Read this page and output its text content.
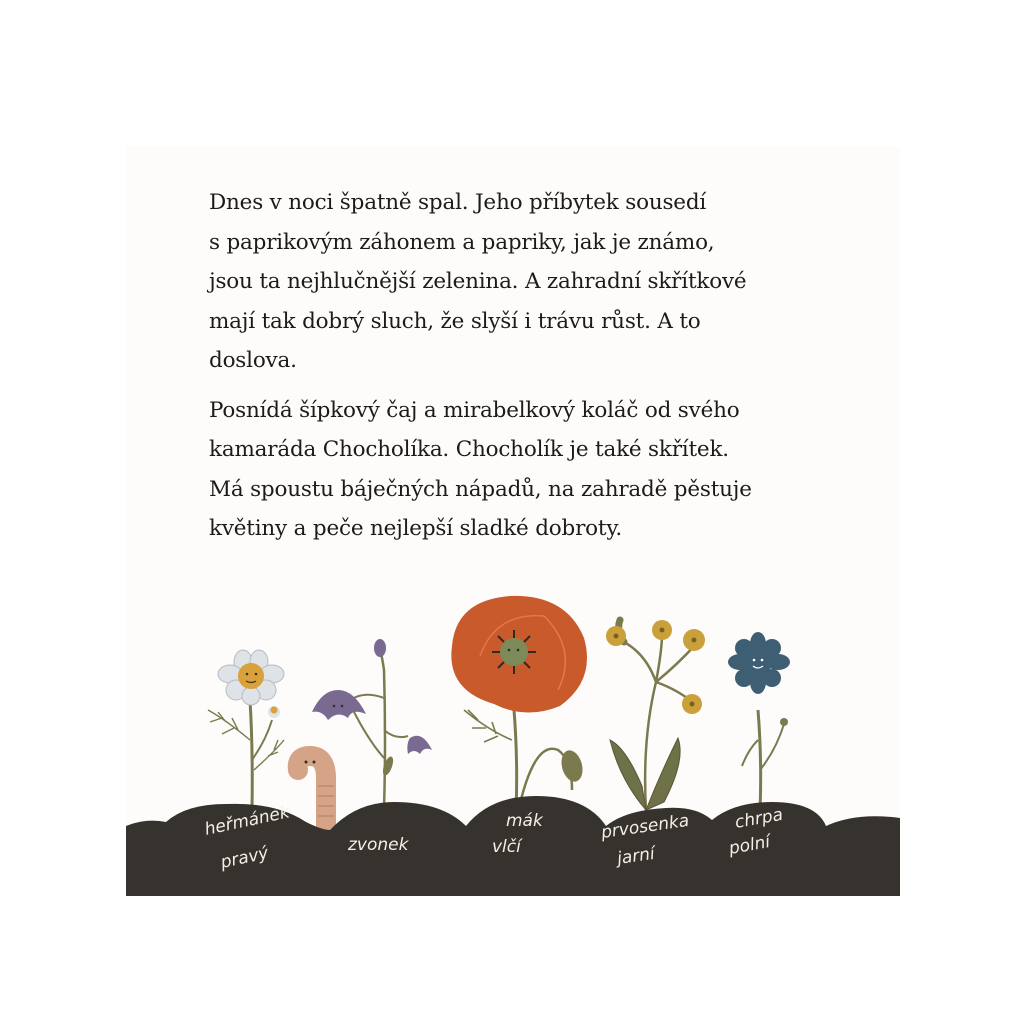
Dnes v noci špatně spal. Jeho příbytek sousedí
s paprikovým záhonem a papriky, jak je známo,
jsou ta nejhlučnější zelenina. A zahradní skřítkové
mají tak dobrý sluch, že slyší i trávu růst. A to
doslova.

Posnídá šípkový čaj a mirabelkový koláč od svého
kamaráda Chocholíka. Chocholík je také skřítek.
Má spoustu báječných nápadů, na zahradě pěstuje
květiny a peče nejlepší sladké dobroty.

heřmánek
pravý	zvonek
mák
vlčí
prvosenka
jarní
chrpa
polní
